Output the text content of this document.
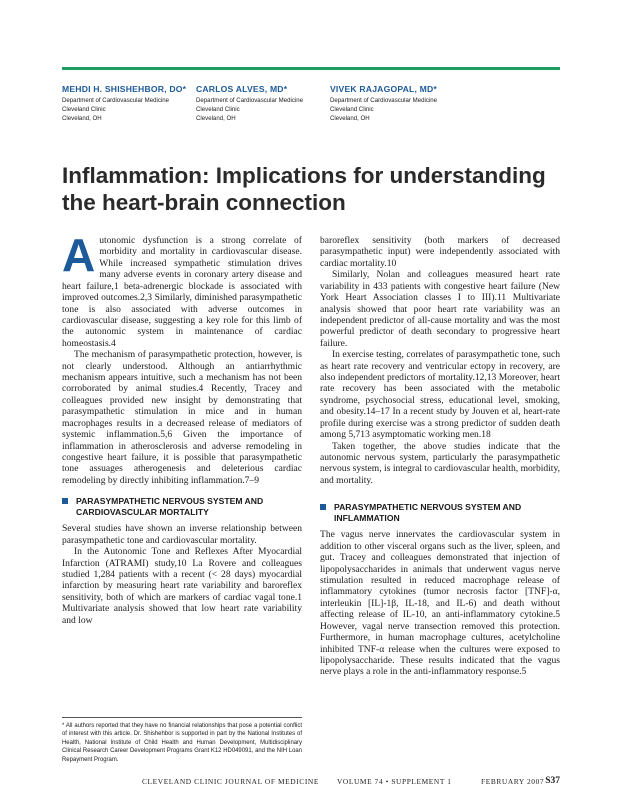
MEHDI H. SHISHEHBOR, DO*
Department of Cardiovascular Medicine
Cleveland Clinic
Cleveland, OH
CARLOS ALVES, MD*
Department of Cardiovascular Medicine
Cleveland Clinic
Cleveland, OH
VIVEK RAJAGOPAL, MD*
Department of Cardiovascular Medicine
Cleveland Clinic
Cleveland, OH
Inflammation: Implications for understanding the heart-brain connection

Autonomic dysfunction is a strong correlate of morbidity and mortality in cardiovascular disease. While increased sympathetic stimulation drives many adverse events in coronary artery disease and heart failure,1 beta-adrenergic blockade is associated with improved outcomes.2,3 Similarly, diminished parasympathetic tone is also associated with adverse outcomes in cardiovascular disease, suggesting a key role for this limb of the autonomic system in maintenance of cardiac homeostasis.4

The mechanism of parasympathetic protection, however, is not clearly understood. Although an antiarrhythmic mechanism appears intuitive, such a mechanism has not been corroborated by animal studies.4 Recently, Tracey and colleagues provided new insight by demonstrating that parasympathetic stimulation in mice and in human macrophages results in a decreased release of mediators of systemic inflammation.5,6 Given the importance of inflammation in atherosclerosis and adverse remodeling in congestive heart failure, it is possible that parasympathetic tone assuages atherogenesis and deleterious cardiac remodeling by directly inhibiting inflammation.7–9

PARASYMPATHETIC NERVOUS SYSTEM AND CARDIOVASCULAR MORTALITY

Several studies have shown an inverse relationship between parasympathetic tone and cardiovascular mortality.

In the Autonomic Tone and Reflexes After Myocardial Infarction (ATRAMI) study,10 La Rovere and colleagues studied 1,284 patients with a recent (< 28 days) myocardial infarction by measuring heart rate variability and baroreflex sensitivity, both of which are markers of cardiac vagal tone.1 Multivariate analysis showed that low heart rate variability and low

baroreflex sensitivity (both markers of decreased parasympathetic input) were independently associated with cardiac mortality.10

Similarly, Nolan and colleagues measured heart rate variability in 433 patients with congestive heart failure (New York Heart Association classes I to III).11 Multivariate analysis showed that poor heart rate variability was an independent predictor of all-cause mortality and was the most powerful predictor of death secondary to progressive heart failure.

In exercise testing, correlates of parasympathetic tone, such as heart rate recovery and ventricular ectopy in recovery, are also independent predictors of mortality.12,13 Moreover, heart rate recovery has been associated with the metabolic syndrome, psychosocial stress, educational level, smoking, and obesity.14–17 In a recent study by Jouven et al, heart-rate profile during exercise was a strong predictor of sudden death among 5,713 asymptomatic working men.18

Taken together, the above studies indicate that the autonomic nervous system, particularly the parasympathetic nervous system, is integral to cardiovascular health, morbidity, and mortality.

PARASYMPATHETIC NERVOUS SYSTEM AND INFLAMMATION

The vagus nerve innervates the cardiovascular system in addition to other visceral organs such as the liver, spleen, and gut. Tracey and colleagues demonstrated that injection of lipopolysaccharides in animals that underwent vagus nerve stimulation resulted in reduced macrophage release of inflammatory cytokines (tumor necrosis factor [TNF]-α, interleukin [IL]-1β, IL-18, and IL-6) and death without affecting release of IL-10, an anti-inflammatory cytokine.5 However, vagal nerve transection removed this protection. Furthermore, in human macrophage cultures, acetylcholine inhibited TNF-α release when the cultures were exposed to lipopolysaccharide. These results indicated that the vagus nerve plays a role in the anti-inflammatory response.5

* All authors reported that they have no financial relationships that pose a potential conflict of interest with this article. Dr. Shishehbor is supported in part by the National Institutes of Health, National Institute of Child Health and Human Development, Multidisciplinary Clinical Research Career Development Programs Grant K12 HD049091, and the NIH Loan Repayment Program.
CLEVELAND CLINIC JOURNAL OF MEDICINE VOLUME 74 • SUPPLEMENT 1	FEBRUARY 2007 S37
